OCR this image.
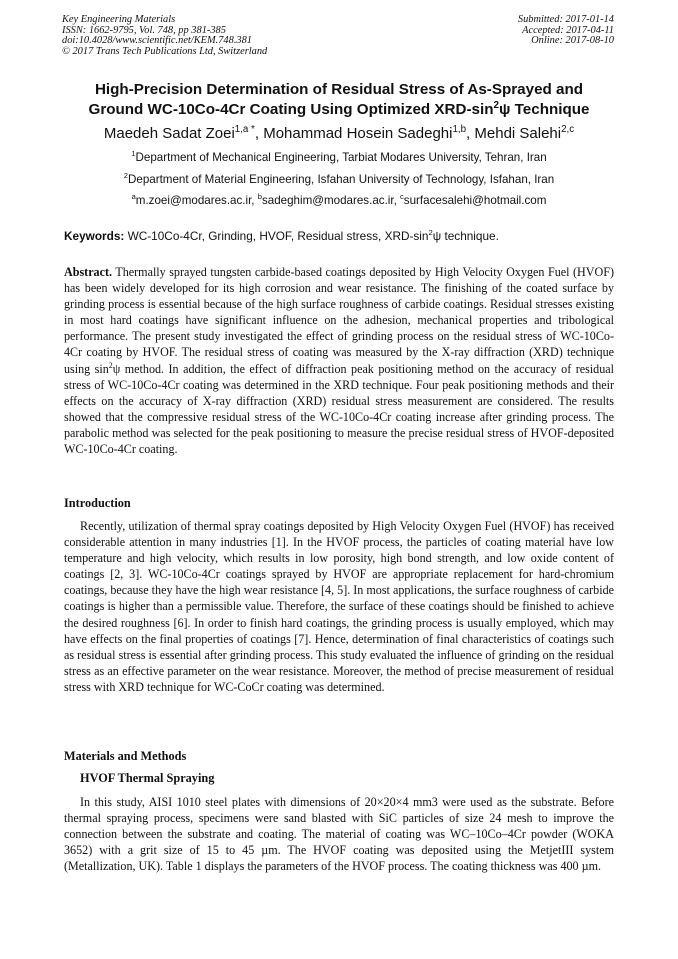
Key Engineering Materials
ISSN: 1662-9795, Vol. 748, pp 381-385
doi:10.4028/www.scientific.net/KEM.748.381
© 2017 Trans Tech Publications Ltd, Switzerland
Submitted: 2017-01-14
Accepted: 2017-04-11
Online: 2017-08-10
High-Precision Determination of Residual Stress of As-Sprayed and
Ground WC-10Co-4Cr Coating Using Optimized XRD-$\sin^2\psi$ Technique
Maedeh Sadat Zoei$^{1,a *}$, Mohammad Hosein Sadeghi$^{1,b}$, Mehdi Salehi$^{2,c}$
$^1$Department of Mechanical Engineering, Tarbiat Modares University, Tehran, Iran
$^2$Department of Material Engineering, Isfahan University of Technology, Isfahan, Iran
$^a$m.zoei@modares.ac.ir, $^b$sadeghim@modares.ac.ir, $^c$surfacesalehi@hotmail.com
Keywords: WC-10Co-4Cr, Grinding, HVOF, Residual stress, XRD-$\sin^2\psi$ technique.
Abstract. Thermally sprayed tungsten carbide-based coatings deposited by High Velocity Oxygen Fuel (HVOF) has been widely developed for its high corrosion and wear resistance. The finishing of the coated surface by grinding process is essential because of the high surface roughness of carbide coatings. Residual stresses existing in most hard coatings have significant influence on the adhesion, mechanical properties and tribological performance. The present study investigated the effect of grinding process on the residual stress of WC-10Co-4Cr coating by HVOF. The residual stress of coating was measured by the X-ray diffraction (XRD) technique using $\sin^2\psi$ method. In addition, the effect of diffraction peak positioning method on the accuracy of residual stress of WC-10Co-4Cr coating was determined in the XRD technique. Four peak positioning methods and their effects on the accuracy of X-ray diffraction (XRD) residual stress measurement are considered. The results showed that the compressive residual stress of the WC-10Co-4Cr coating increase after grinding process. The parabolic method was selected for the peak positioning to measure the precise residual stress of HVOF-deposited WC-10Co-4Cr coating.
Introduction
Recently, utilization of thermal spray coatings deposited by High Velocity Oxygen Fuel (HVOF) has received considerable attention in many industries [1]. In the HVOF process, the particles of coating material have low temperature and high velocity, which results in low porosity, high bond strength, and low oxide content of coatings [2, 3]. WC-10Co-4Cr coatings sprayed by HVOF are appropriate replacement for hard-chromium coatings, because they have the high wear resistance [4, 5]. In most applications, the surface roughness of carbide coatings is higher than a permissible value. Therefore, the surface of these coatings should be finished to achieve the desired roughness [6]. In order to finish hard coatings, the grinding process is usually employed, which may have effects on the final properties of coatings [7]. Hence, determination of final characteristics of coatings such as residual stress is essential after grinding process. This study evaluated the influence of grinding on the residual stress as an effective parameter on the wear resistance. Moreover, the method of precise measurement of residual stress with XRD technique for WC-CoCr coating was determined.
Materials and Methods
HVOF Thermal Spraying
In this study, AISI 1010 steel plates with dimensions of 20×20×4 mm3 were used as the substrate. Before thermal spraying process, specimens were sand blasted with SiC particles of size 24 mesh to improve the connection between the substrate and coating. The material of coating was WC–10Co–4Cr powder (WOKA 3652) with a grit size of 15 to 45 µm. The HVOF coating was deposited using the MetjetIII system (Metallization, UK). Table 1 displays the parameters of the HVOF process. The coating thickness was 400 µm.
